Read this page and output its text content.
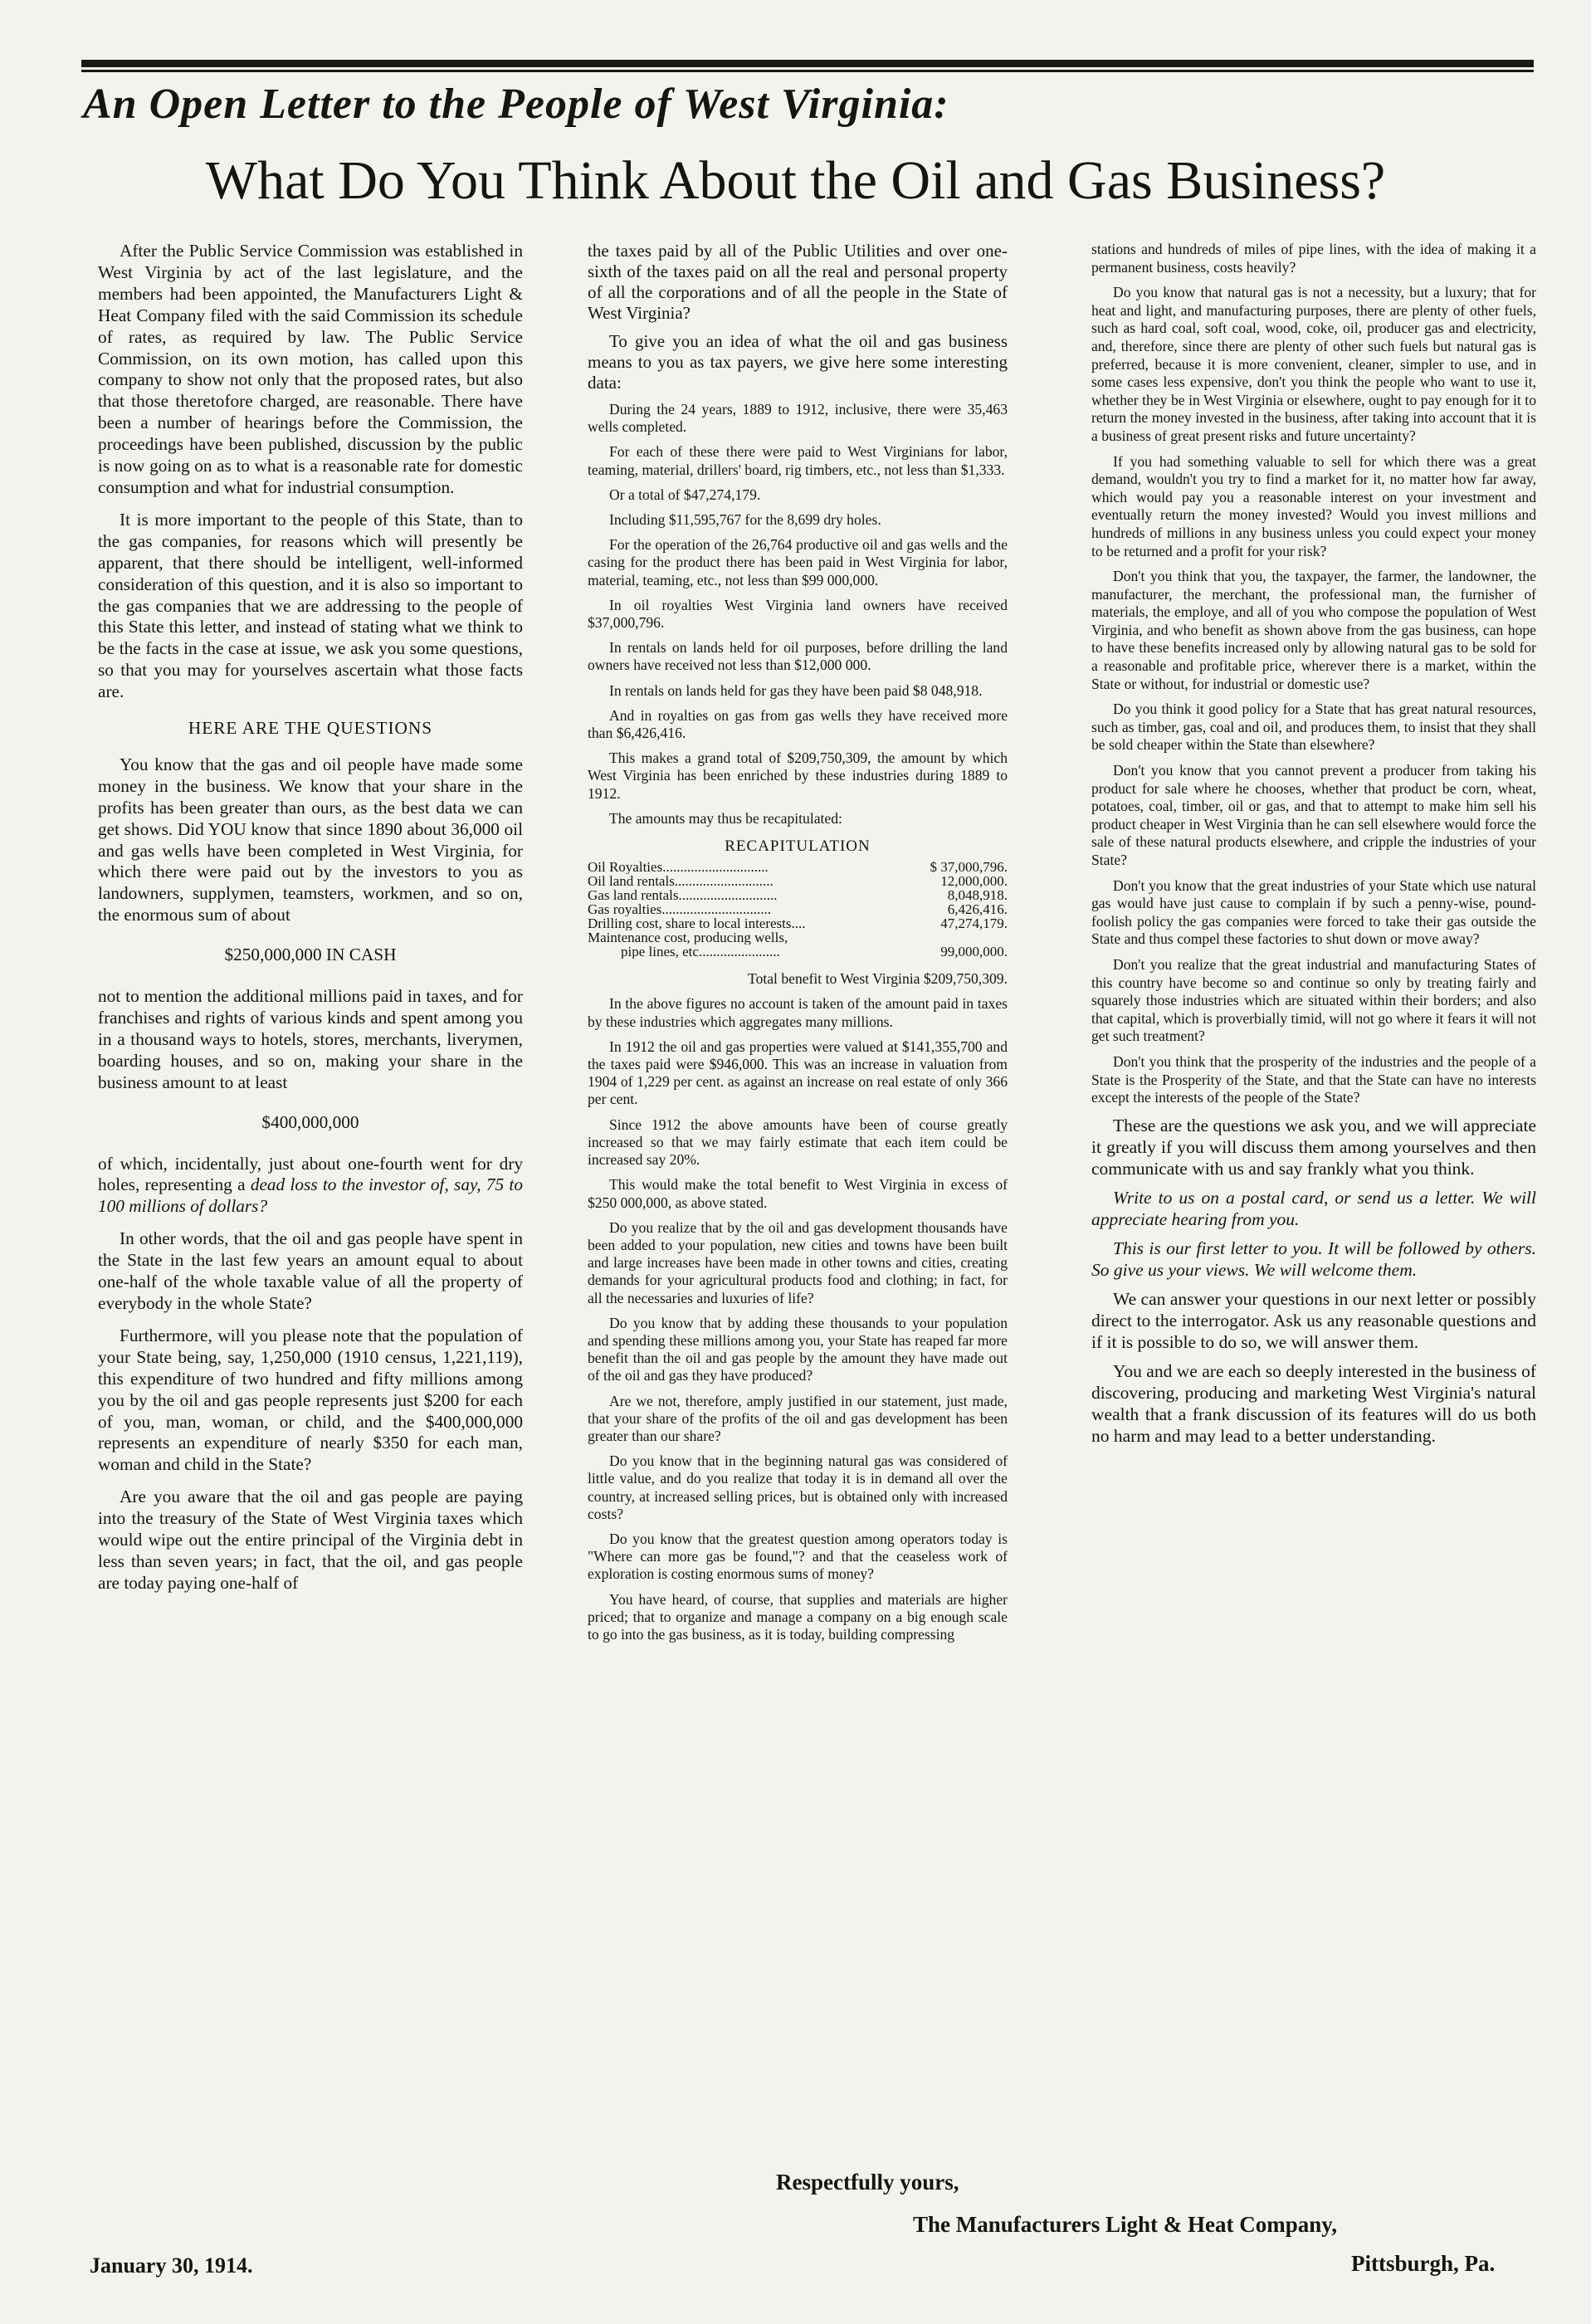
An Open Letter to the People of West Virginia:
What Do You Think About the Oil and Gas Business?

After the Public Service Commission was established in West Virginia by act of the last legislature, and the members had been appointed, the Manufacturers Light & Heat Company filed with the said Commission its schedule of rates, as required by law. The Public Service Commission, on its own motion, has called upon this company to show not only that the proposed rates, but also that those theretofore charged, are reasonable. There have been a number of hearings before the Commission, the proceedings have been published, discussion by the public is now going on as to what is a reasonable rate for domestic consumption and what for industrial consumption.

It is more important to the people of this State, than to the gas companies, for reasons which will presently be apparent, that there should be intelligent, well-informed consideration of this question, and it is also so important to the gas companies that we are addressing to the people of this State this letter, and instead of stating what we think to be the facts in the case at issue, we ask you some questions, so that you may for yourselves ascertain what those facts are.

HERE ARE THE QUESTIONS

You know that the gas and oil people have made some money in the business. We know that your share in the profits has been greater than ours, as the best data we can get shows. Did YOU know that since 1890 about 36,000 oil and gas wells have been completed in West Virginia, for which there were paid out by the investors to you as landowners, supplymen, teamsters, workmen, and so on, the enormous sum of about

$250,000,000 IN CASH

not to mention the additional millions paid in taxes, and for franchises and rights of various kinds and spent among you in a thousand ways to hotels, stores, merchants, liverymen, boarding houses, and so on, making your share in the business amount to at least

$400,000,000

of which, incidentally, just about one-fourth went for dry holes, representing a dead loss to the investor of, say, 75 to 100 millions of dollars?

In other words, that the oil and gas people have spent in the State in the last few years an amount equal to about one-half of the whole taxable value of all the property of everybody in the whole State?

Furthermore, will you please note that the population of your State being, say, 1,250,000 (1910 census, 1,221,119), this expenditure of two hundred and fifty millions among you by the oil and gas people represents just $200 for each of you, man, woman, or child, and the $400,000,000 represents an expenditure of nearly $350 for each man, woman and child in the State?

Are you aware that the oil and gas people are paying into the treasury of the State of West Virginia taxes which would wipe out the entire principal of the Virginia debt in less than seven years; in fact, that the oil, and gas people are today paying one-half of

the taxes paid by all of the Public Utilities and over one-sixth of the taxes paid on all the real and personal property of all the corporations and of all the people in the State of West Virginia?

To give you an idea of what the oil and gas business means to you as tax payers, we give here some interesting data:

During the 24 years, 1889 to 1912, inclusive, there were 35,463 wells completed.

For each of these there were paid to West Virginians for labor, teaming, material, drillers' board, rig timbers, etc., not less than $1,333.

Or a total of $47,274,179.

Including $11,595,767 for the 8,699 dry holes.

For the operation of the 26,764 productive oil and gas wells and the casing for the product there has been paid in West Virginia for labor, material, teaming, etc., not less than $99 000,000.

In oil royalties West Virginia land owners have received $37,000,796.

In rentals on lands held for oil purposes, before drilling the land owners have received not less than $12,000 000.

In rentals on lands held for gas they have been paid $8 048,918.

And in royalties on gas from gas wells they have received more than $6,426,416.

This makes a grand total of $209,750,309, the amount by which West Virginia has been enriched by these industries during 1889 to 1912.

The amounts may thus be recapitulated:

RECAPITULATION
Oil Royalties..............................	$ 37,000,796.
Oil land rentals............................	12,000,000.
Gas land rentals............................	8,048,918.
Gas royalties...............................	6,426,416.
Drilling cost, share to local interests....	47,274,179.
Maintenance cost, producing wells,	
pipe lines, etc.......................	99,000,000.

Total benefit to West Virginia $209,750,309.

In the above figures no account is taken of the amount paid in taxes by these industries which aggregates many millions.

In 1912 the oil and gas properties were valued at $141,355,700 and the taxes paid were $946,000. This was an increase in valuation from 1904 of 1,229 per cent. as against an increase on real estate of only 366 per cent.

Since 1912 the above amounts have been of course greatly increased so that we may fairly estimate that each item could be increased say 20%.

This would make the total benefit to West Virginia in excess of $250 000,000, as above stated.

Do you realize that by the oil and gas development thousands have been added to your population, new cities and towns have been built and large increases have been made in other towns and cities, creating demands for your agricultural products food and clothing; in fact, for all the necessaries and luxuries of life?

Do you know that by adding these thousands to your population and spending these millions among you, your State has reaped far more benefit than the oil and gas people by the amount they have made out of the oil and gas they have produced?

Are we not, therefore, amply justified in our statement, just made, that your share of the profits of the oil and gas development has been greater than our share?

Do you know that in the beginning natural gas was considered of little value, and do you realize that today it is in demand all over the country, at increased selling prices, but is obtained only with increased costs?

Do you know that the greatest question among operators today is "Where can more gas be found,"? and that the ceaseless work of exploration is costing enormous sums of money?

You have heard, of course, that supplies and materials are higher priced; that to organize and manage a company on a big enough scale to go into the gas business, as it is today, building compressing

stations and hundreds of miles of pipe lines, with the idea of making it a permanent business, costs heavily?

Do you know that natural gas is not a necessity, but a luxury; that for heat and light, and manufacturing purposes, there are plenty of other fuels, such as hard coal, soft coal, wood, coke, oil, producer gas and electricity, and, therefore, since there are plenty of other such fuels but natural gas is preferred, because it is more convenient, cleaner, simpler to use, and in some cases less expensive, don't you think the people who want to use it, whether they be in West Virginia or elsewhere, ought to pay enough for it to return the money invested in the business, after taking into account that it is a business of great present risks and future uncertainty?

If you had something valuable to sell for which there was a great demand, wouldn't you try to find a market for it, no matter how far away, which would pay you a reasonable interest on your investment and eventually return the money invested? Would you invest millions and hundreds of millions in any business unless you could expect your money to be returned and a profit for your risk?

Don't you think that you, the taxpayer, the farmer, the landowner, the manufacturer, the merchant, the professional man, the furnisher of materials, the employe, and all of you who compose the population of West Virginia, and who benefit as shown above from the gas business, can hope to have these benefits increased only by allowing natural gas to be sold for a reasonable and profitable price, wherever there is a market, within the State or without, for industrial or domestic use?

Do you think it good policy for a State that has great natural resources, such as timber, gas, coal and oil, and produces them, to insist that they shall be sold cheaper within the State than elsewhere?

Don't you know that you cannot prevent a producer from taking his product for sale where he chooses, whether that product be corn, wheat, potatoes, coal, timber, oil or gas, and that to attempt to make him sell his product cheaper in West Virginia than he can sell elsewhere would force the sale of these natural products elsewhere, and cripple the industries of your State?

Don't you know that the great industries of your State which use natural gas would have just cause to complain if by such a penny-wise, pound-foolish policy the gas companies were forced to take their gas outside the State and thus compel these factories to shut down or move away?

Don't you realize that the great industrial and manufacturing States of this country have become so and continue so only by treating fairly and squarely those industries which are situated within their borders; and also that capital, which is proverbially timid, will not go where it fears it will not get such treatment?

Don't you think that the prosperity of the industries and the people of a State is the Prosperity of the State, and that the State can have no interests except the interests of the people of the State?

These are the questions we ask you, and we will appreciate it greatly if you will discuss them among yourselves and then communicate with us and say frankly what you think.

Write to us on a postal card, or send us a letter. We will appreciate hearing from you.

This is our first letter to you. It will be followed by others. So give us your views. We will welcome them.

We can answer your questions in our next letter or possibly direct to the interrogator. Ask us any reasonable questions and if it is possible to do so, we will answer them.

You and we are each so deeply interested in the business of discovering, producing and marketing West Virginia's natural wealth that a frank discussion of its features will do us both no harm and may lead to a better understanding.

Respectfully yours,
The Manufacturers Light & Heat Company,
Pittsburgh, Pa.
January 30, 1914.
